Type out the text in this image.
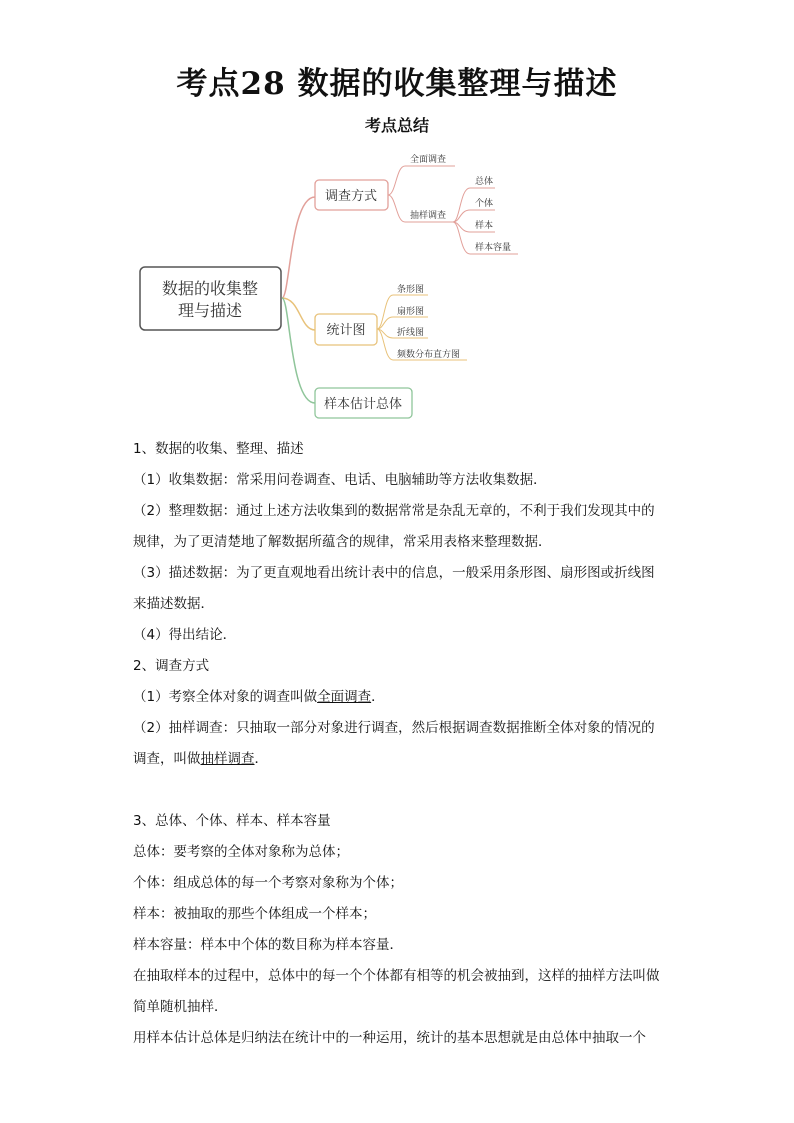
考点28 数据的收集整理与描述
考点总结
数据的收集整
理与描述
调查方式
全面调查
抽样调查
总体
个体
样本
样本容量
统计图
条形图
扇形图
折线图
频数分布直方图
样本估计总体

1、数据的收集、整理、描述

（1）收集数据：常采用问卷调查、电话、电脑辅助等方法收集数据．

（2）整理数据：通过上述方法收集到的数据常常是杂乱无章的，不利于我们发现其中的规律，为了更清楚地了解数据所蕴含的规律，常采用表格来整理数据．

（3）描述数据：为了更直观地看出统计表中的信息，一般采用条形图、扇形图或折线图来描述数据．

（4）得出结论．

2、调查方式

（1）考察全体对象的调查叫做全面调查．

（2）抽样调查：只抽取一部分对象进行调查，然后根据调查数据推断全体对象的情况的调查，叫做抽样调查．

3、总体、个体、样本、样本容量

总体：要考察的全体对象称为总体；

个体：组成总体的每一个考察对象称为个体；

样本：被抽取的那些个体组成一个样本；

样本容量：样本中个体的数目称为样本容量．

在抽取样本的过程中，总体中的每一个个体都有相等的机会被抽到，这样的抽样方法叫做简单随机抽样．

用样本估计总体是归纳法在统计中的一种运用，统计的基本思想就是由总体中抽取一个
